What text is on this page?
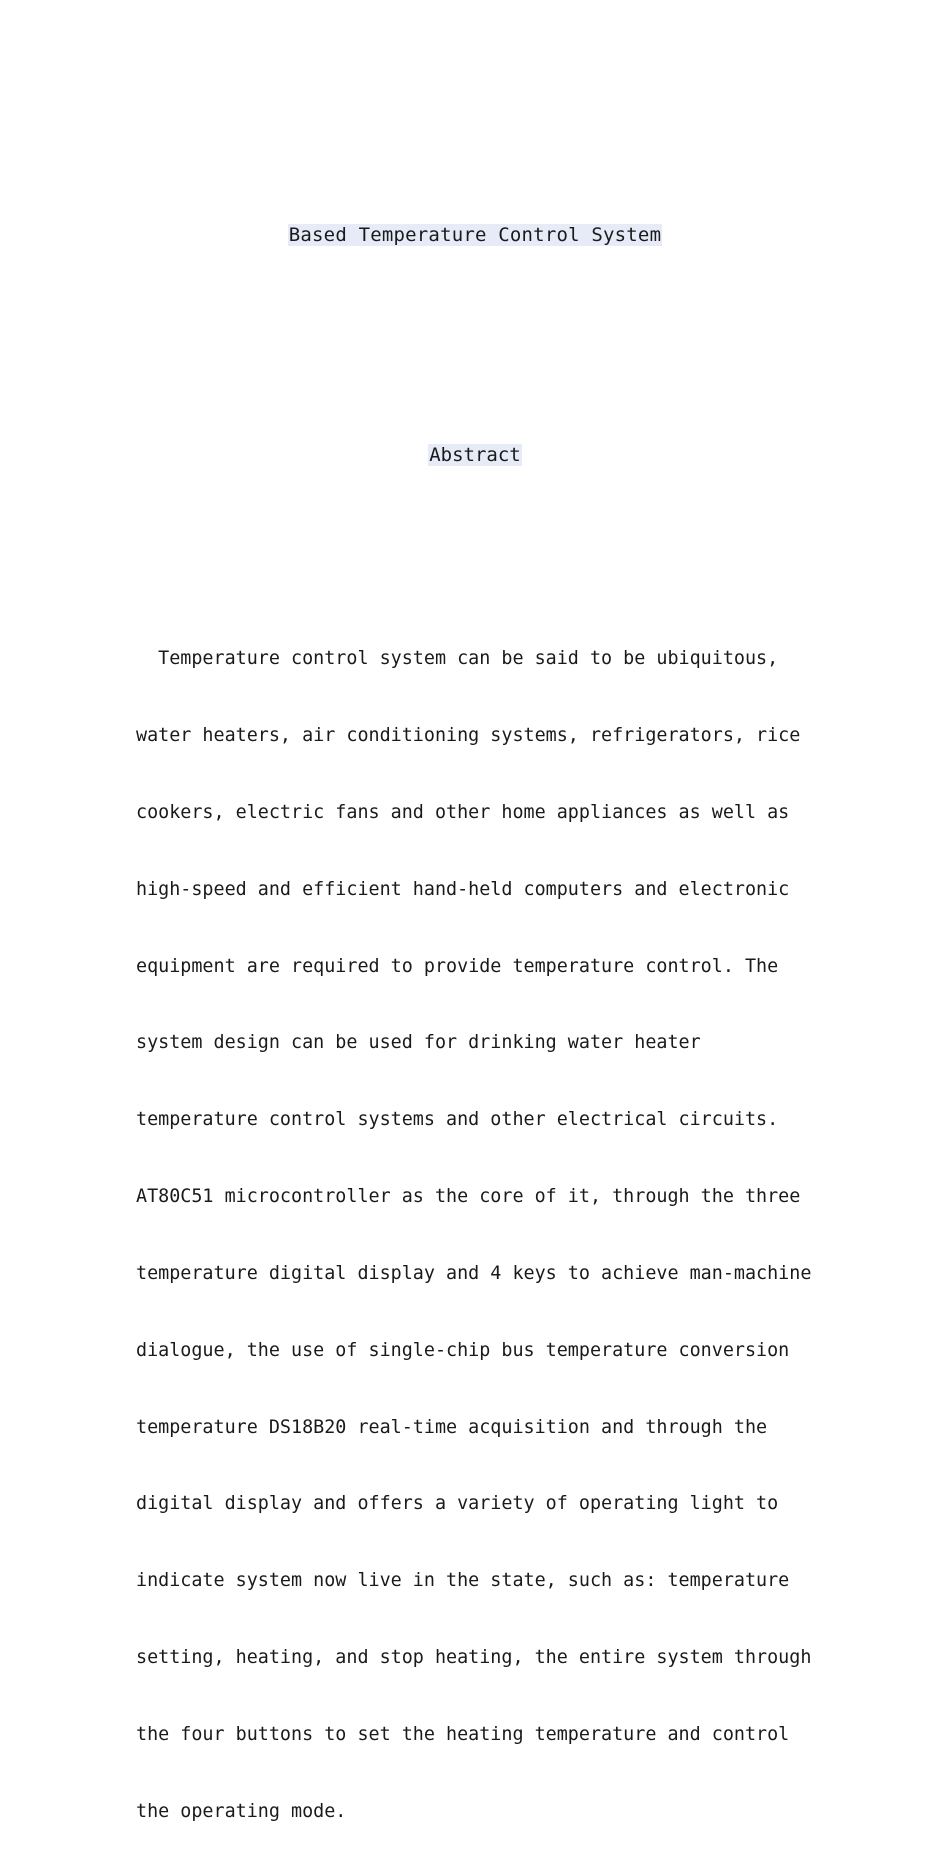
Based Temperature Control System
Abstract

Temperature control system can be said to be ubiquitous,

water heaters, air conditioning systems, refrigerators, rice

cookers, electric fans and other home appliances as well as

high-speed and efficient hand-held computers and electronic

equipment are required to provide temperature control. The

system design can be used for drinking water heater

temperature control systems and other electrical circuits.

AT80C51 microcontroller as the core of it, through the three

temperature digital display and 4 keys to achieve man-machine

dialogue, the use of single-chip bus temperature conversion

temperature DS18B20 real-time acquisition and through the

digital display and offers a variety of operating light to

indicate system now live in the state, such as: temperature

setting, heating, and stop heating, the entire system through

the four buttons to set the heating temperature and control

the operating mode.
